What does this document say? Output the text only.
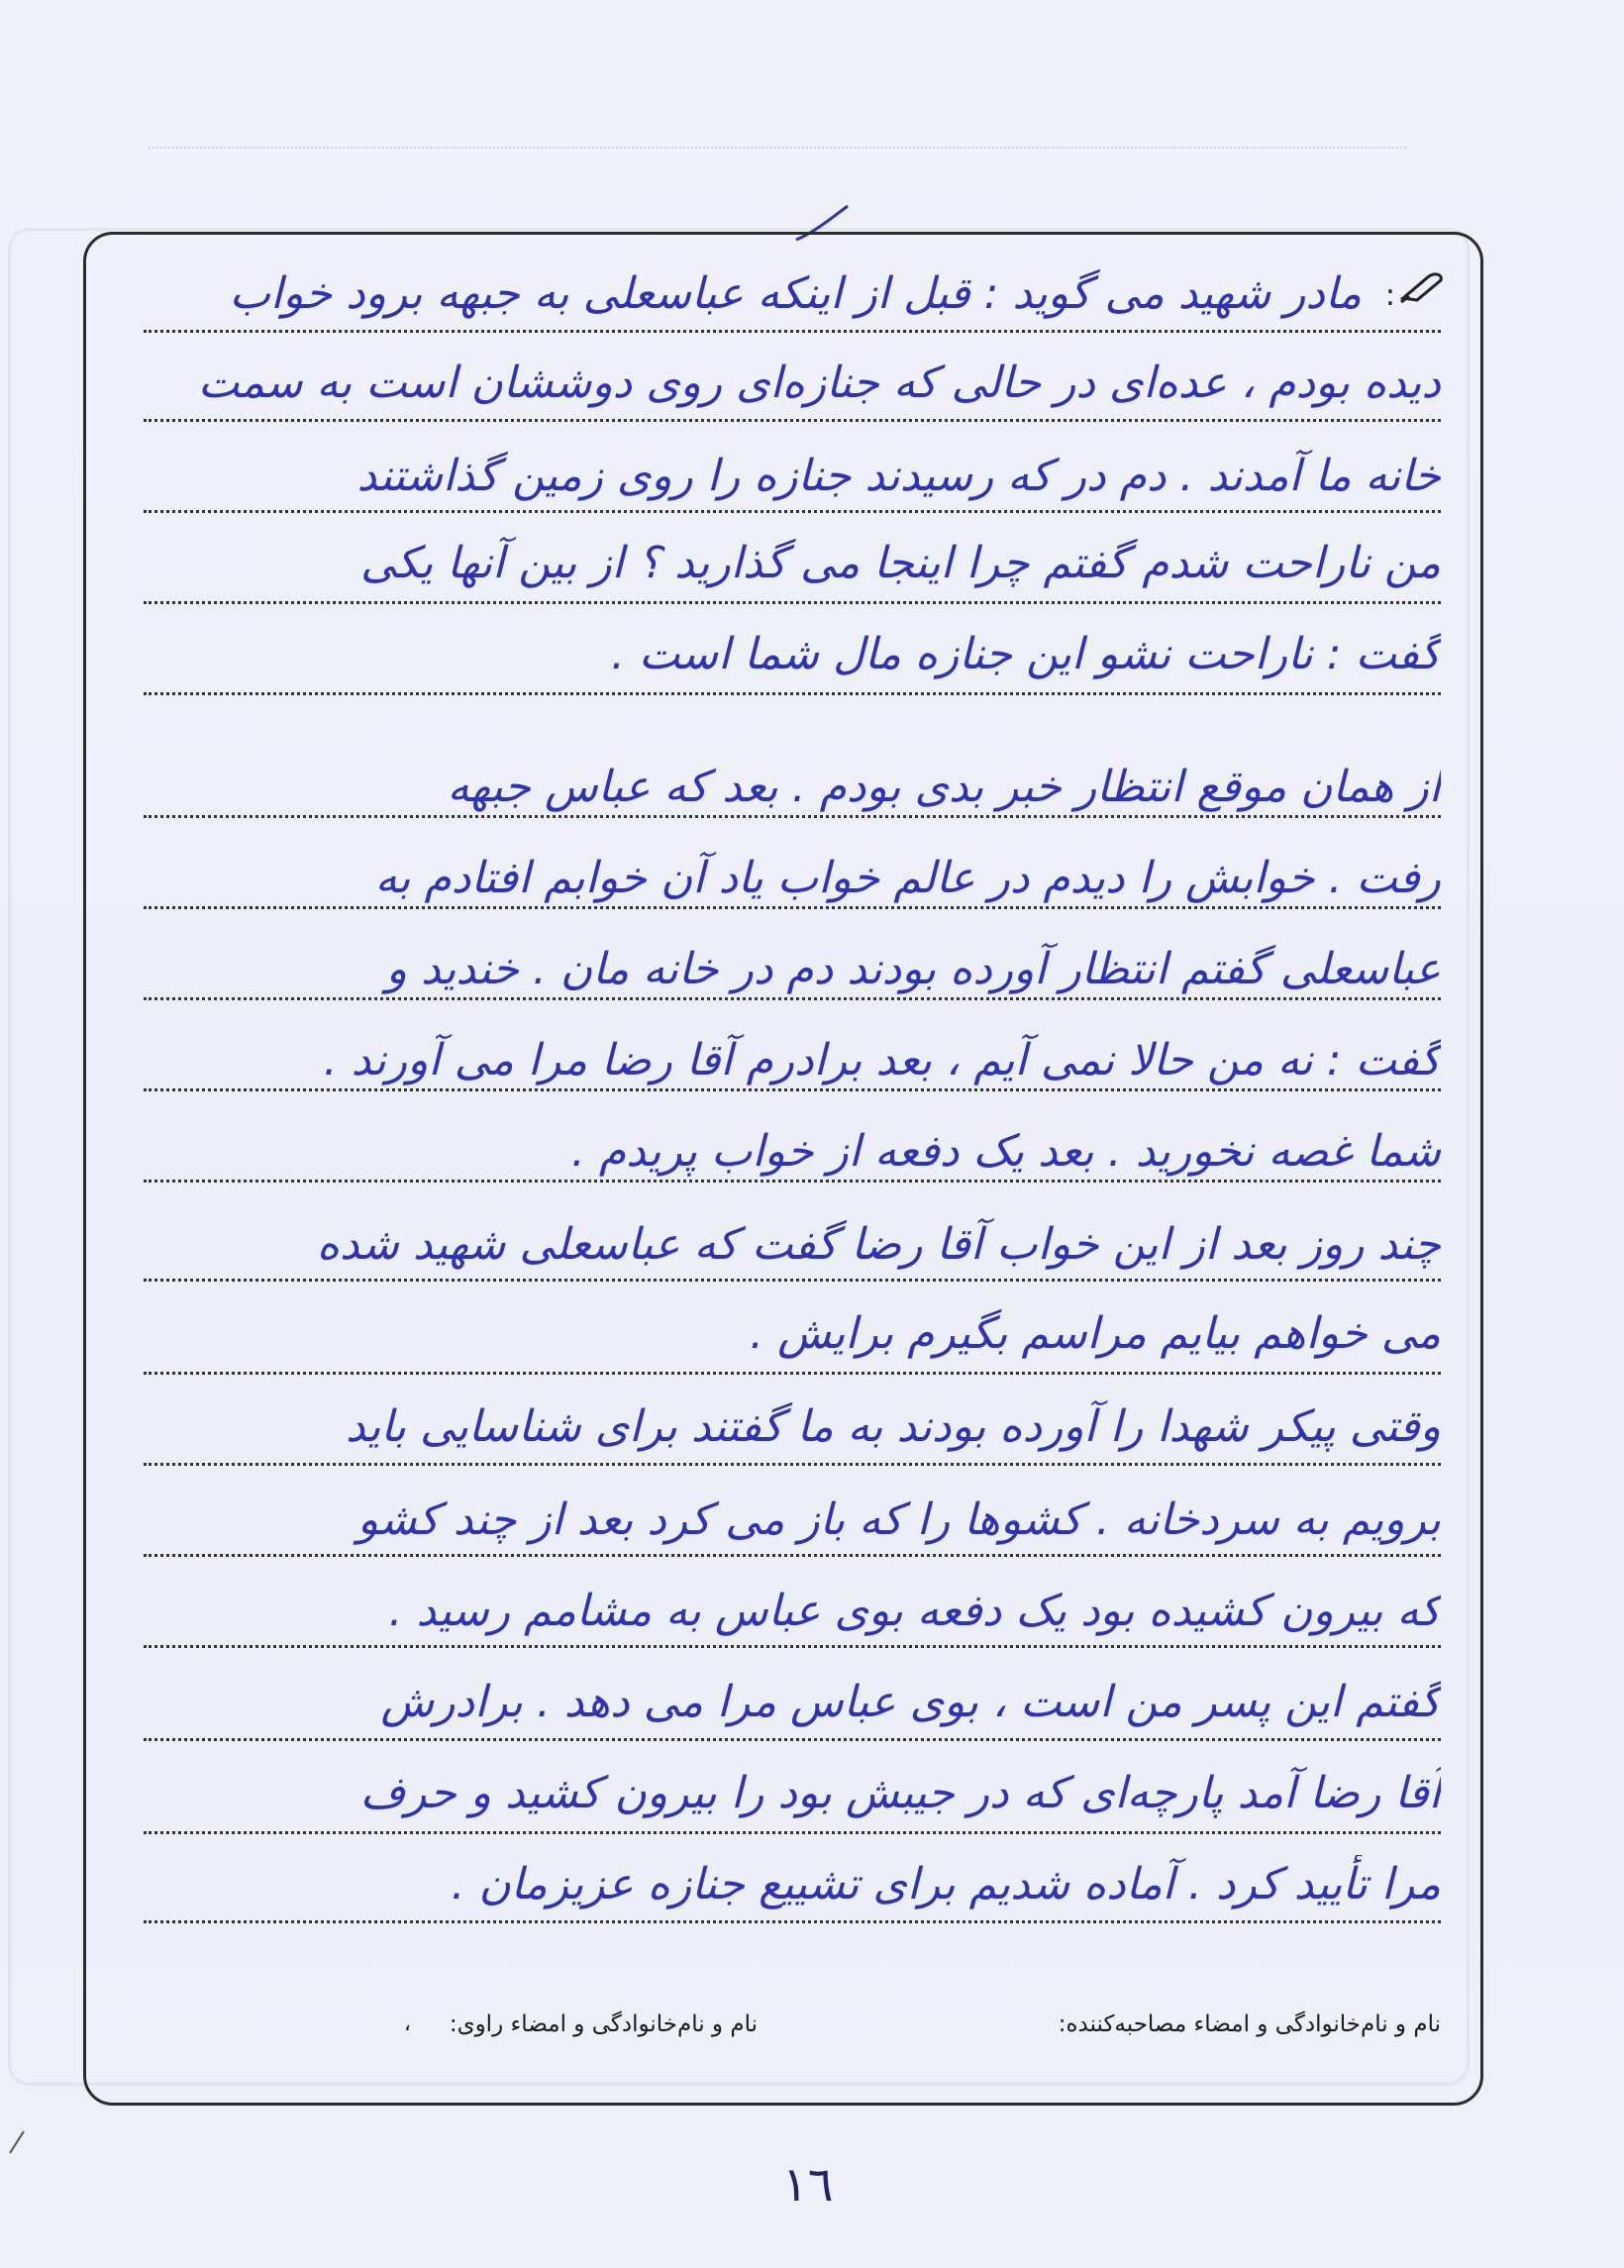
:
مادر شهید می گوید : قبل از اینکه عباسعلی به جبهه برود خواب
دیده بودم ، عده‌ای در حالی که جنازه‌ای روی دوششان است به سمت
خانه ما آمدند . دم در که رسیدند جنازه را روی زمین گذاشتند
من ناراحت شدم گفتم چرا اینجا می گذارید ؟ از بین آنها یکی
گفت : ناراحت نشو این جنازه مال شما است .
از همان موقع انتظار خبر بدی بودم . بعد که عباس جبهه
رفت . خوابش را دیدم در عالم خواب یاد آن خوابم افتادم به
عباسعلی گفتم انتظار آورده بودند دم در خانه مان . خندید و
گفت : نه من حالا نمی آیم ، بعد برادرم آقا رضا مرا می آورند .
شما غصه نخورید . بعد یک دفعه از خواب پریدم .
چند روز بعد از این خواب آقا رضا گفت که عباسعلی شهید شده
می خواهم بیایم مراسم بگیرم برایش .
وقتی پیکر شهدا را آورده بودند به ما گفتند برای شناسایی باید
برویم به سردخانه . کشوها را که باز می کرد بعد از چند کشو
که بیرون کشیده بود یک دفعه بوی عباس به مشامم رسید .
گفتم این پسر من است ، بوی عباس مرا می دهد . برادرش
آقا رضا آمد پارچه‌ای که در جیبش بود را بیرون کشید و حرف
مرا تأیید کرد . آماده شدیم برای تشییع جنازه عزیزمان .
نام و نام‌خانوادگی و امضاء مصاحبه‌کننده:
نام و نام‌خانوادگی و امضاء راوی:
،
١٦
